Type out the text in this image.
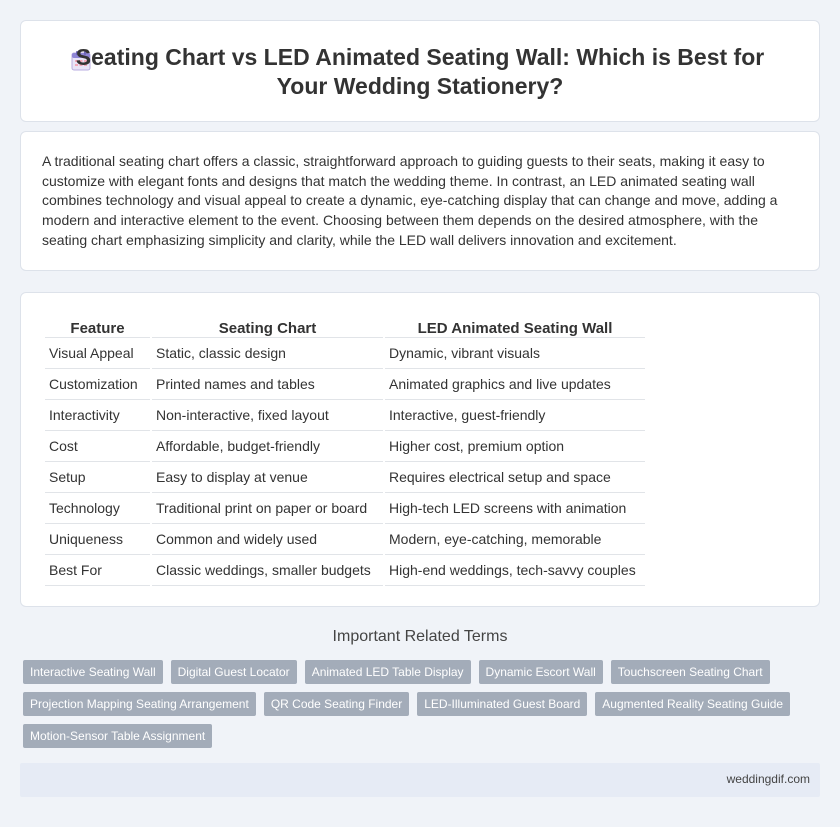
Seating Chart vs LED Animated Seating Wall: Which is Best for
Your Wedding Stationery?

A traditional seating chart offers a classic, straightforward approach to guiding guests to their seats, making it easy to customize with elegant fonts and designs that match the wedding theme. In contrast, an LED animated seating wall combines technology and visual appeal to create a dynamic, eye-catching display that can change and move, adding a modern and interactive element to the event. Choosing between them depends on the desired atmosphere, with the seating chart emphasizing simplicity and clarity, while the LED wall delivers innovation and excitement.

Feature	Seating Chart	LED Animated Seating Wall
Visual Appeal	Static, classic design	Dynamic, vibrant visuals
Customization	Printed names and tables	Animated graphics and live updates
Interactivity	Non-interactive, fixed layout	Interactive, guest-friendly
Cost	Affordable, budget-friendly	Higher cost, premium option
Setup	Easy to display at venue	Requires electrical setup and space
Technology	Traditional print on paper or board	High-tech LED screens with animation
Uniqueness	Common and widely used	Modern, eye-catching, memorable
Best For	Classic weddings, smaller budgets	High-end weddings, tech-savvy couples
Important Related Terms
Interactive Seating Wall	Digital Guest Locator	Animated LED Table Display	Dynamic Escort Wall	Touchscreen Seating Chart
Projection Mapping Seating Arrangement	QR Code Seating Finder	LED-Illuminated Guest Board	Augmented Reality Seating Guide
Motion-Sensor Table Assignment
weddingdif.com
